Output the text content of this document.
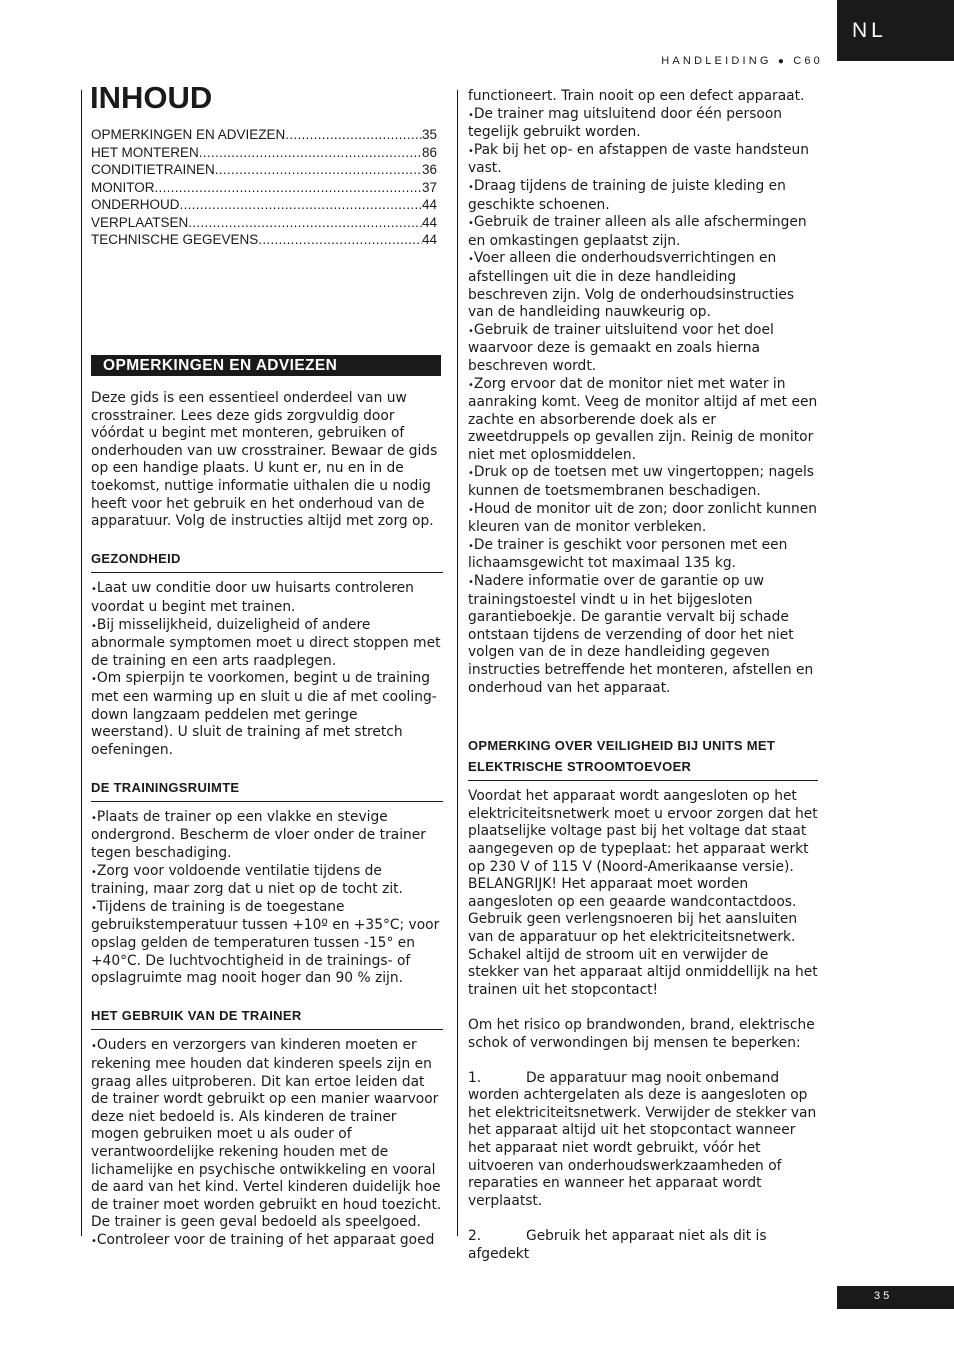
NL
HANDLEIDING ● C60
INHOUD
OPMERKINGEN EN ADVIEZEN .....	35
HET MONTEREN .....	86
CONDITIETRAINEN .....	36
MONITOR .....	37
ONDERHOUD .....	44
VERPLAATSEN .....	44
TECHNISCHE GEGEVENS .....	44
OPMERKINGEN EN ADVIEZEN

Deze gids is een essentieel onderdeel van uw crosstrainer. Lees deze gids zorgvuldig door vóórdat u begint met monteren, gebruiken of onderhouden van uw crosstrainer. Bewaar de gids op een handige plaats. U kunt er, nu en in de toekomst, nuttige informatie uithalen die u nodig heeft voor het gebruik en het onderhoud van de apparatuur. Volg de instructies altijd met zorg op.

GEZONDHEID

• Laat uw conditie door uw huisarts controleren voordat u begint met trainen.

• Bij misselijkheid, duizeligheid of andere abnormale symptomen moet u direct stoppen met de training en een arts raadplegen.

• Om spierpijn te voorkomen, begint u de training met een warming up en sluit u die af met cooling-down langzaam peddelen met geringe weerstand). U sluit de training af met stretch oefeningen.

DE TRAININGSRUIMTE

• Plaats de trainer op een vlakke en stevige ondergrond. Bescherm de vloer onder de trainer tegen beschadiging.

• Zorg voor voldoende ventilatie tijdens de training, maar zorg dat u niet op de tocht zit.

• Tijdens de training is de toegestane gebruikstemperatuur tussen +10º en +35°C; voor opslag gelden de temperaturen tussen -15° en +40°C. De luchtvochtigheid in de trainings- of opslagruimte mag nooit hoger dan 90 % zijn.

HET GEBRUIK VAN DE TRAINER

• Ouders en verzorgers van kinderen moeten er rekening mee houden dat kinderen speels zijn en graag alles uitproberen. Dit kan ertoe leiden dat de trainer wordt gebruikt op een manier waarvoor deze niet bedoeld is. Als kinderen de trainer mogen gebruiken moet u als ouder of verantwoordelijke rekening houden met de lichamelijke en psychische ontwikkeling en vooral de aard van het kind. Vertel kinderen duidelijk hoe de trainer moet worden gebruikt en houd toezicht. De trainer is geen geval bedoeld als speelgoed.

• Controleer voor de training of het apparaat goed

functioneert. Train nooit op een defect apparaat.

• De trainer mag uitsluitend door één persoon tegelijk gebruikt worden.

• Pak bij het op- en afstappen de vaste handsteun vast.

• Draag tijdens de training de juiste kleding en geschikte schoenen.

• Gebruik de trainer alleen als alle afschermingen en omkastingen geplaatst zijn.

• Voer alleen die onderhoudsverrichtingen en afstellingen uit die in deze handleiding beschreven zijn. Volg de onderhoudsinstructies van de handleiding nauwkeurig op.

• Gebruik de trainer uitsluitend voor het doel waarvoor deze is gemaakt en zoals hierna beschreven wordt.

• Zorg ervoor dat de monitor niet met water in aanraking komt. Veeg de monitor altijd af met een zachte en absorberende doek als er zweetdruppels op gevallen zijn. Reinig de monitor niet met oplosmiddelen.

• Druk op de toetsen met uw vingertoppen; nagels kunnen de toetsmembranen beschadigen.

• Houd de monitor uit de zon; door zonlicht kunnen kleuren van de monitor verbleken.

• De trainer is geschikt voor personen met een lichaamsgewicht tot maximaal 135 kg.

• Nadere informatie over de garantie op uw trainingstoestel vindt u in het bijgesloten garantieboekje. De garantie vervalt bij schade ontstaan tijdens de verzending of door het niet volgen van de in deze handleiding gegeven instructies betreffende het monteren, afstellen en onderhoud van het apparaat.

OPMERKING OVER VEILIGHEID BIJ UNITS MET ELEKTRISCHE STROOMTOEVOER

Voordat het apparaat wordt aangesloten op het elektriciteitsnetwerk moet u ervoor zorgen dat het plaatselijke voltage past bij het voltage dat staat aangegeven op de typeplaat: het apparaat werkt op 230 V of 115 V (Noord-Amerikaanse versie). BELANGRIJK! Het apparaat moet worden aangesloten op een geaarde wandcontactdoos. Gebruik geen verlengsnoeren bij het aansluiten van de apparatuur op het elektriciteitsnetwerk. Schakel altijd de stroom uit en verwijder de stekker van het apparaat altijd onmiddellijk na het trainen uit het stopcontact!

Om het risico op brandwonden, brand, elektrische schok of verwondingen bij mensen te beperken:

1.	De apparatuur mag nooit onbemand worden achtergelaten als deze is aangesloten op het elektriciteitsnetwerk. Verwijder de stekker van het apparaat altijd uit het stopcontact wanneer het apparaat niet wordt gebruikt, vóór het uitvoeren van onderhoudswerkzaamheden of reparaties en wanneer het apparaat wordt verplaatst.

2.	Gebruik het apparaat niet als dit is afgedekt

35
